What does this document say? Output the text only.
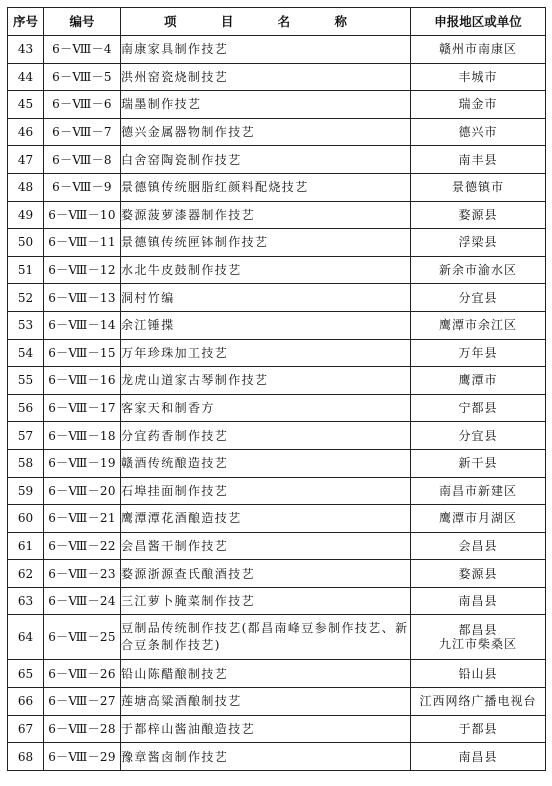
序号	编号	项 目 名 称	申报地区或单位
43	6－Ⅷ－4	南康家具制作技艺	赣州市南康区

44	6－Ⅷ－5	洪州窑瓷烧制技艺	丰城市

45	6－Ⅷ－6	瑞墨制作技艺	瑞金市

46	6－Ⅷ－7	德兴金属器物制作技艺	德兴市

47	6－Ⅷ－8	白舍窑陶瓷制作技艺	南丰县

48	6－Ⅷ－9	景德镇传统胭脂红颜料配烧技艺	景德镇市

49	6－Ⅷ－10	婺源菠萝漆器制作技艺	婺源县

50	6－Ⅷ－11	景德镇传统匣钵制作技艺	浮梁县

51	6－Ⅷ－12	水北牛皮鼓制作技艺	新余市渝水区

52	6－Ⅷ－13	洞村竹编	分宜县

53	6－Ⅷ－14	余江锤揲	鹰潭市余江区

54	6－Ⅷ－15	万年珍珠加工技艺	万年县

55	6－Ⅷ－16	龙虎山道家古琴制作技艺	鹰潭市

56	6－Ⅷ－17	客家天和制香方	宁都县

57	6－Ⅷ－18	分宜药香制作技艺	分宜县

58	6－Ⅷ－19	赣酒传统酿造技艺	新干县

59	6－Ⅷ－20	石埠挂面制作技艺	南昌市新建区

60	6－Ⅷ－21	鹰潭潭花酒酿造技艺	鹰潭市月湖区

61	6－Ⅷ－22	会昌酱干制作技艺	会昌县

62	6－Ⅷ－23	婺源浙源查氏酿酒技艺	婺源县

63	6－Ⅷ－24	三江萝卜腌菜制作技艺	南昌县

64	6－Ⅷ－25	豆制品传统制作技艺(都昌南峰豆参制作技艺、新合豆条制作技艺)	都昌县
九江市柴桑区

65	6－Ⅷ－26	铅山陈醋酿制技艺	铅山县

66	6－Ⅷ－27	莲塘高粱酒酿制技艺	江西网络广播电视台

67	6－Ⅷ－28	于都梓山酱油酿造技艺	于都县

68	6－Ⅷ－29	豫章酱卤制作技艺	南昌县
